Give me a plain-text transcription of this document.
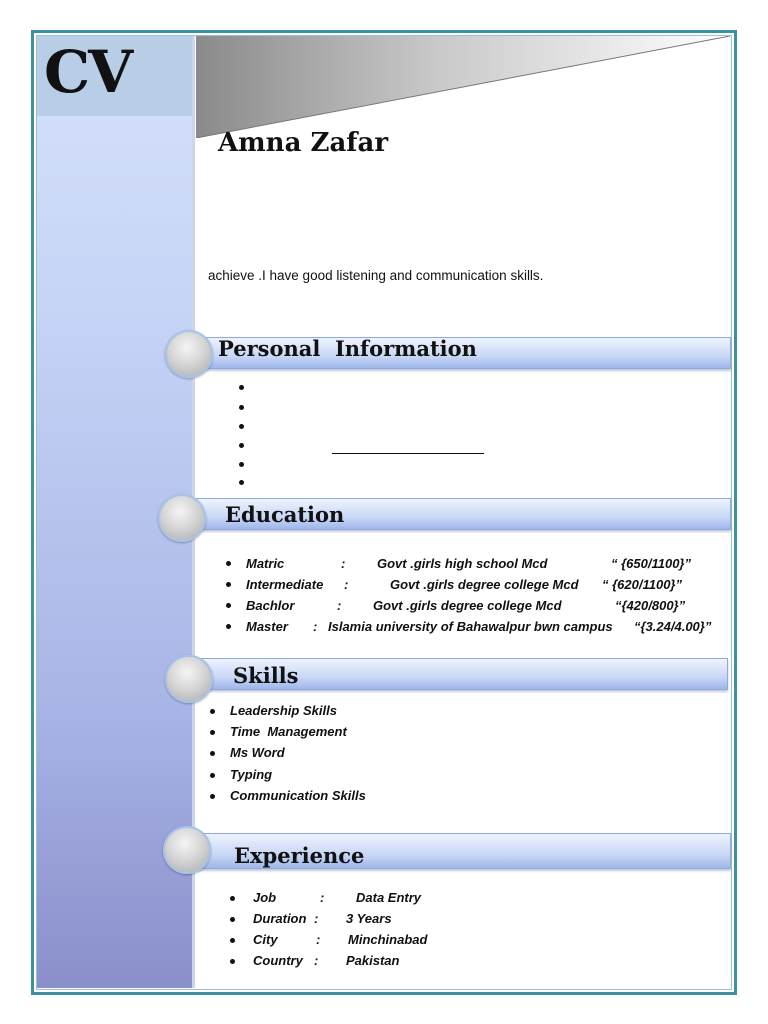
CV
Amna Zafar
achieve .I have good listening and communication skills.
Personal  Information
Education
Matric	: Govt .girls high school Mcd	“ {650/1100}”
Intermediate :	Govt .girls degree college Mcd “ {620/1100}”
Bachlor	: Govt .girls degree college Mcd	“{420/800}”
Master : Islamia university of Bahawalpur bwn campus “{3.24/4.00}”
Skills
Leadership Skills
Time  Management
Ms Word
Typing
Communication Skills
Experience
Job	: Data Entry
Duration : 3 Years
City	: Minchinabad
Country : Pakistan
